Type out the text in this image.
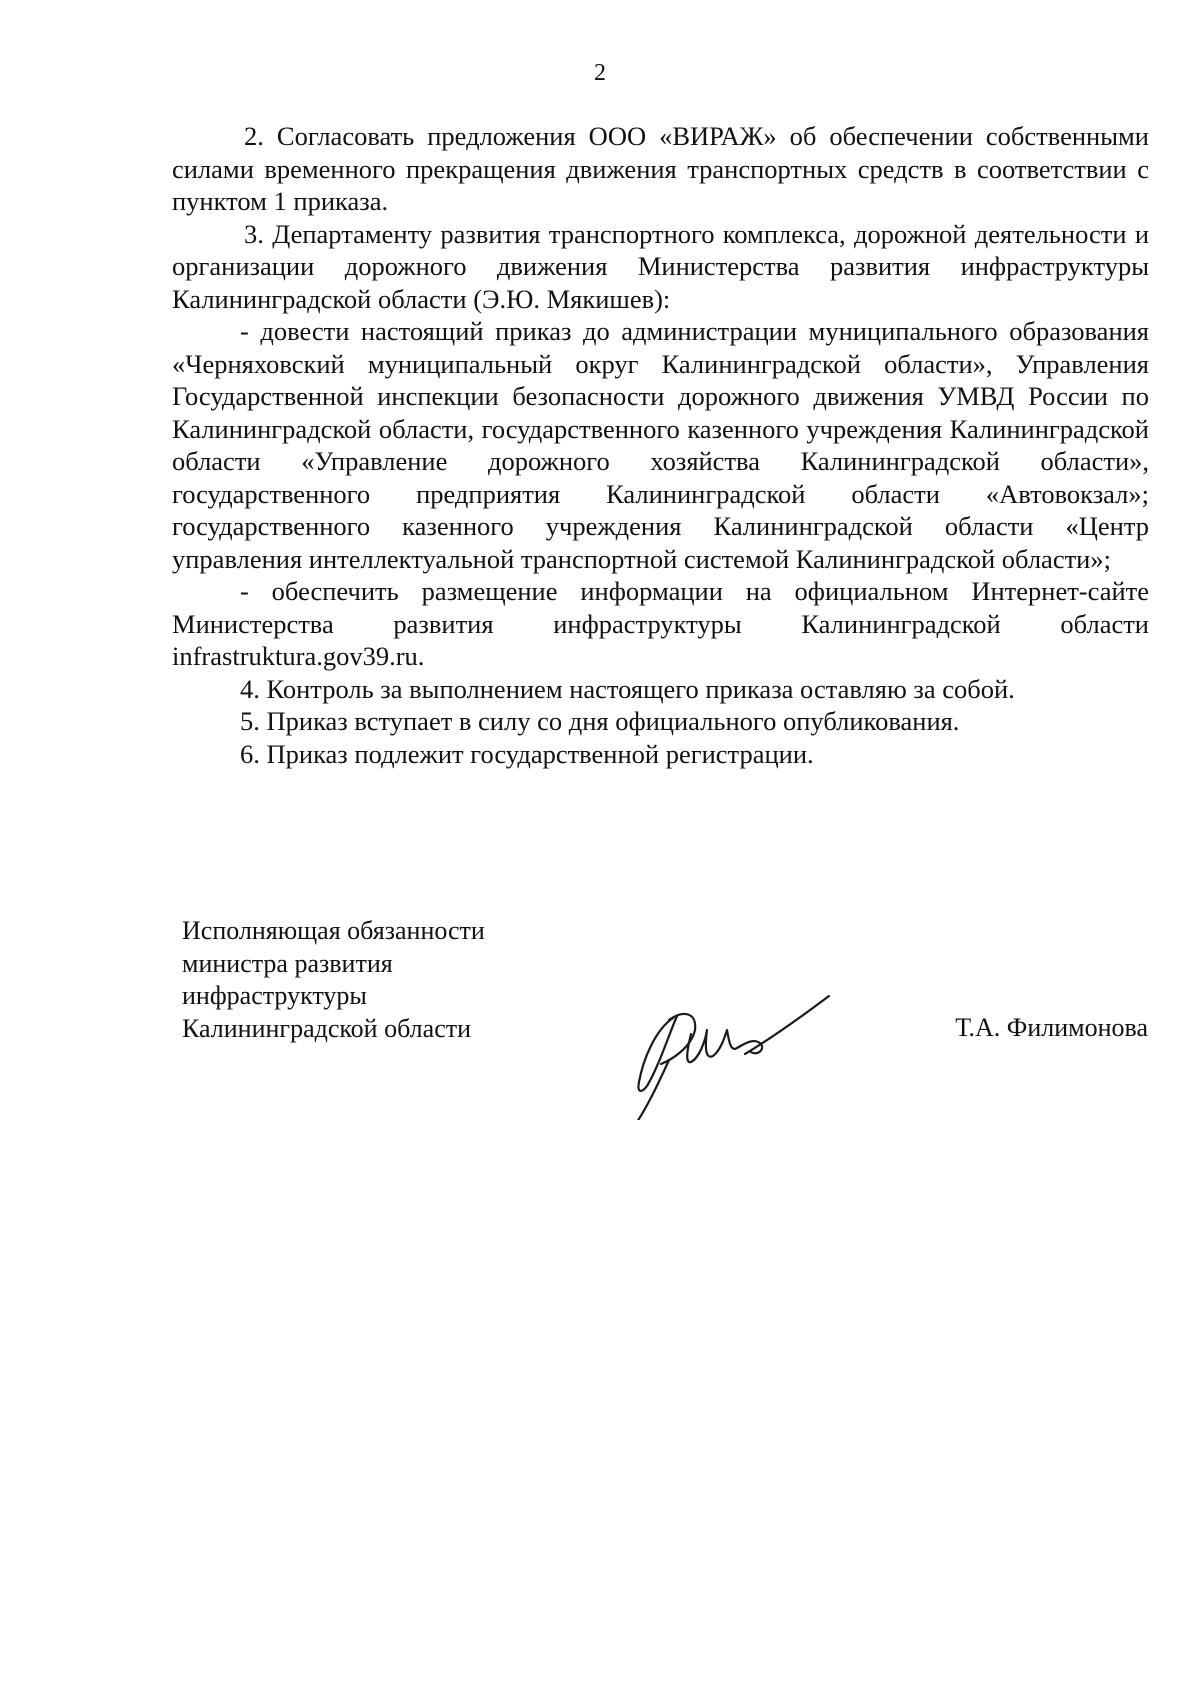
2

2. Согласовать предложения ООО «ВИРАЖ» об обеспечении собственными силами временного прекращения движения транспортных средств в соответствии с пунктом 1 приказа.

3. Департаменту развития транспортного комплекса, дорожной деятельности и организации дорожного движения Министерства развития инфраструктуры Калининградской области (Э.Ю. Мякишев):

- довести настоящий приказ до администрации муниципального образования «Черняховский муниципальный округ Калининградской области», Управления Государственной инспекции безопасности дорожного движения УМВД России по Калининградской области, государственного казенного учреждения Калининградской области «Управление дорожного хозяйства Калининградской области», государственного предприятия Калининградской области «Автовокзал»; государственного казенного учреждения Калининградской области «Центр управления интеллектуальной транспортной системой Калининградской области»;

- обеспечить размещение информации на официальном Интернет-сайте Министерства развития инфраструктуры Калининградской области infrastruktura.gov39.ru.

4. Контроль за выполнением настоящего приказа оставляю за собой.

5. Приказ вступает в силу со дня официального опубликования.

6. Приказ подлежит государственной регистрации.

Исполняющая обязанности
министра развития
инфраструктуры
Калининградской области	Т.А. Филимонова
